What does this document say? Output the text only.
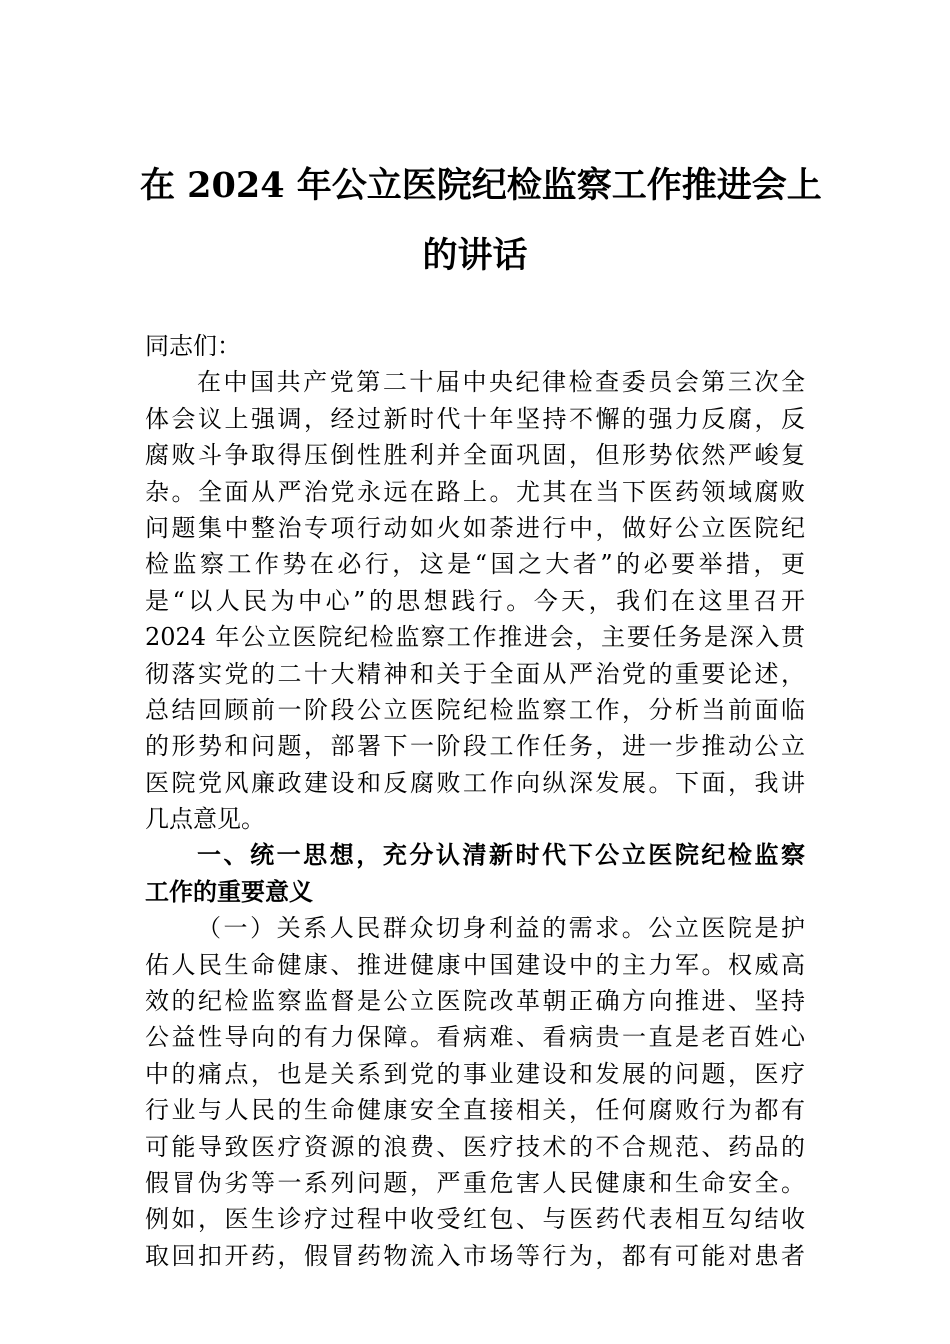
在 2024 年公立医院纪检监察工作推进会上
的讲话
同志们：
在中国共产党第二十届中央纪律检查委员会第三次全
体会议上强调，经过新时代十年坚持不懈的强力反腐，反
腐败斗争取得压倒性胜利并全面巩固，但形势依然严峻复
杂。全面从严治党永远在路上。尤其在当下医药领域腐败
问题集中整治专项行动如火如荼进行中，做好公立医院纪
检监察工作势在必行，这是“国之大者”的必要举措，更
是“以人民为中心”的思想践行。今天，我们在这里召开
2024 年公立医院纪检监察工作推进会，主要任务是深入贯
彻落实党的二十大精神和关于全面从严治党的重要论述，
总结回顾前一阶段公立医院纪检监察工作，分析当前面临
的形势和问题，部署下一阶段工作任务，进一步推动公立
医院党风廉政建设和反腐败工作向纵深发展。下面，我讲
几点意见。
一、统一思想，充分认清新时代下公立医院纪检监察
工作的重要意义
（一）关系人民群众切身利益的需求。公立医院是护
佑人民生命健康、推进健康中国建设中的主力军。权威高
效的纪检监察监督是公立医院改革朝正确方向推进、坚持
公益性导向的有力保障。看病难、看病贵一直是老百姓心
中的痛点，也是关系到党的事业建设和发展的问题，医疗
行业与人民的生命健康安全直接相关，任何腐败行为都有
可能导致医疗资源的浪费、医疗技术的不合规范、药品的
假冒伪劣等一系列问题，严重危害人民健康和生命安全。
例如，医生诊疗过程中收受红包、与医药代表相互勾结收
取回扣开药，假冒药物流入市场等行为，都有可能对患者
